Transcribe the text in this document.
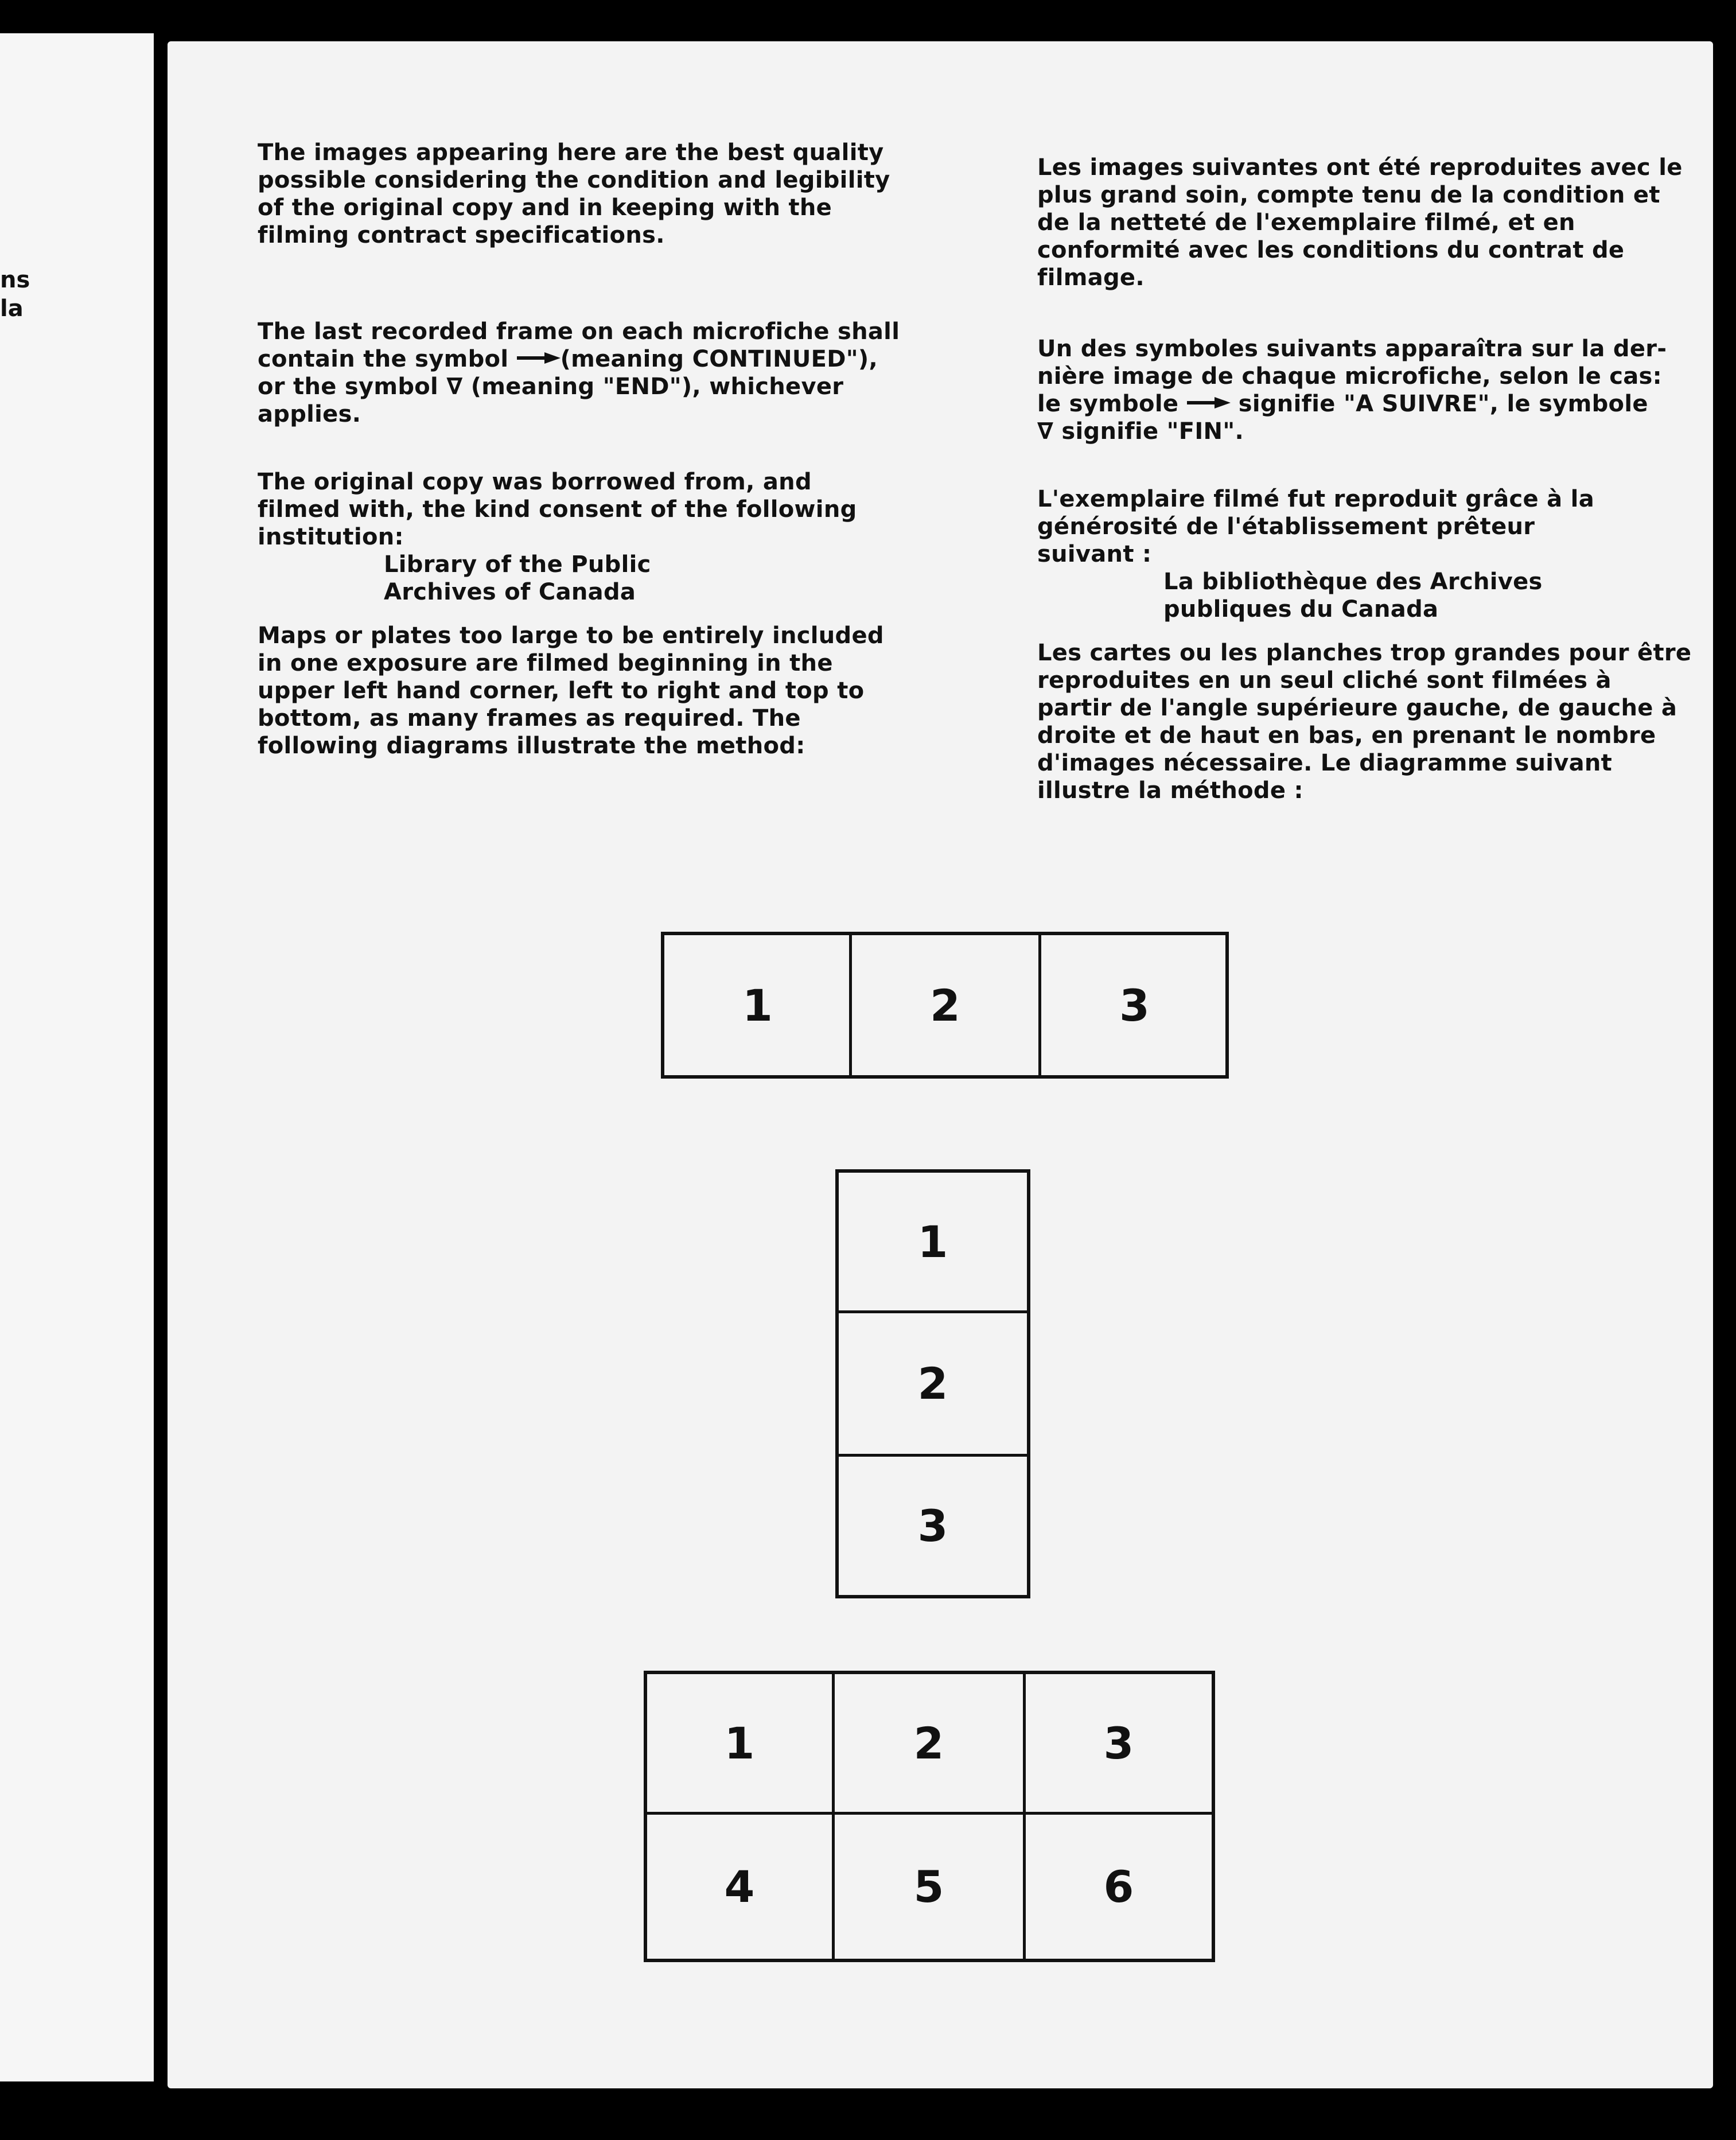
ns
la

The images appearing here are the best quality

possible considering the condition and legibility

of the original copy and in keeping with the

filming contract specifications.

The last recorded frame on each microfiche shall

contain the symbol (meaning CONTINUED"),

or the symbol ∇ (meaning "END"), whichever

applies.

The original copy was borrowed from, and

filmed with, the kind consent of the following

institution:

Library of the Public

Archives of Canada

Maps or plates too large to be entirely included

in one exposure are filmed beginning in the

upper left hand corner, left to right and top to

bottom, as many frames as required. The

following diagrams illustrate the method:

Les images suivantes ont été reproduites avec le

plus grand soin, compte tenu de la condition et

de la netteté de l'exemplaire filmé, et en

conformité avec les conditions du contrat de

filmage.

Un des symboles suivants apparaîtra sur la der-

nière image de chaque microfiche, selon le cas:

le symbole  signifie "A SUIVRE", le symbole

∇ signifie "FIN".

L'exemplaire filmé fut reproduit grâce à la

générosité de l'établissement prêteur

suivant :

La bibliothèque des Archives

publiques du Canada

Les cartes ou les planches trop grandes pour être

reproduites en un seul cliché sont filmées à

partir de l'angle supérieure gauche, de gauche à

droite et de haut en bas, en prenant le nombre

d'images nécessaire. Le diagramme suivant

illustre la méthode :

1	2	3
1
2
3
1	2	3
4	5	6
